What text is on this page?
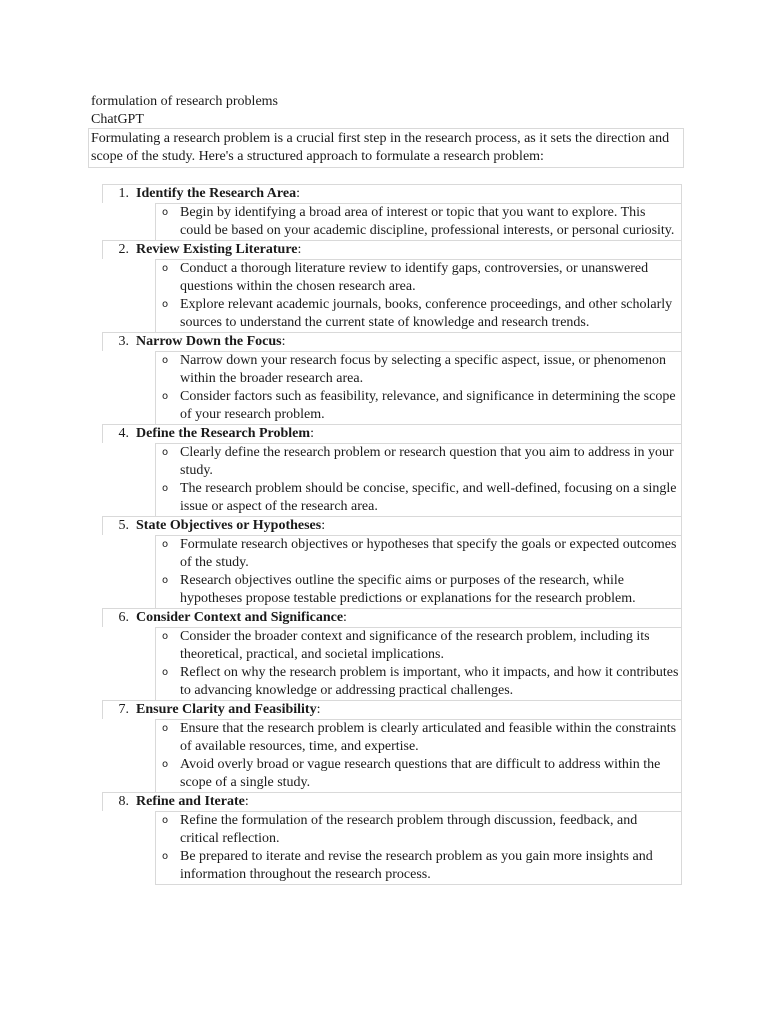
formulation of research problems
ChatGPT
Formulating a research problem is a crucial first step in the research process, as it sets the direction and scope of the study. Here's a structured approach to formulate a research problem:
1. Identify the Research Area:
o Begin by identifying a broad area of interest or topic that you want to explore. This could be based on your academic discipline, professional interests, or personal curiosity.
2. Review Existing Literature:
o Conduct a thorough literature review to identify gaps, controversies, or unanswered questions within the chosen research area.
o Explore relevant academic journals, books, conference proceedings, and other scholarly sources to understand the current state of knowledge and research trends.
3. Narrow Down the Focus:
o Narrow down your research focus by selecting a specific aspect, issue, or phenomenon within the broader research area.
o Consider factors such as feasibility, relevance, and significance in determining the scope of your research problem.
4. Define the Research Problem:
o Clearly define the research problem or research question that you aim to address in your study.
o The research problem should be concise, specific, and well-defined, focusing on a single issue or aspect of the research area.
5. State Objectives or Hypotheses:
o Formulate research objectives or hypotheses that specify the goals or expected outcomes of the study.
o Research objectives outline the specific aims or purposes of the research, while hypotheses propose testable predictions or explanations for the research problem.
6. Consider Context and Significance:
o Consider the broader context and significance of the research problem, including its theoretical, practical, and societal implications.
o Reflect on why the research problem is important, who it impacts, and how it contributes to advancing knowledge or addressing practical challenges.
7. Ensure Clarity and Feasibility:
o Ensure that the research problem is clearly articulated and feasible within the constraints of available resources, time, and expertise.
o Avoid overly broad or vague research questions that are difficult to address within the scope of a single study.
8. Refine and Iterate:
o Refine the formulation of the research problem through discussion, feedback, and critical reflection.
o Be prepared to iterate and revise the research problem as you gain more insights and information throughout the research process.
